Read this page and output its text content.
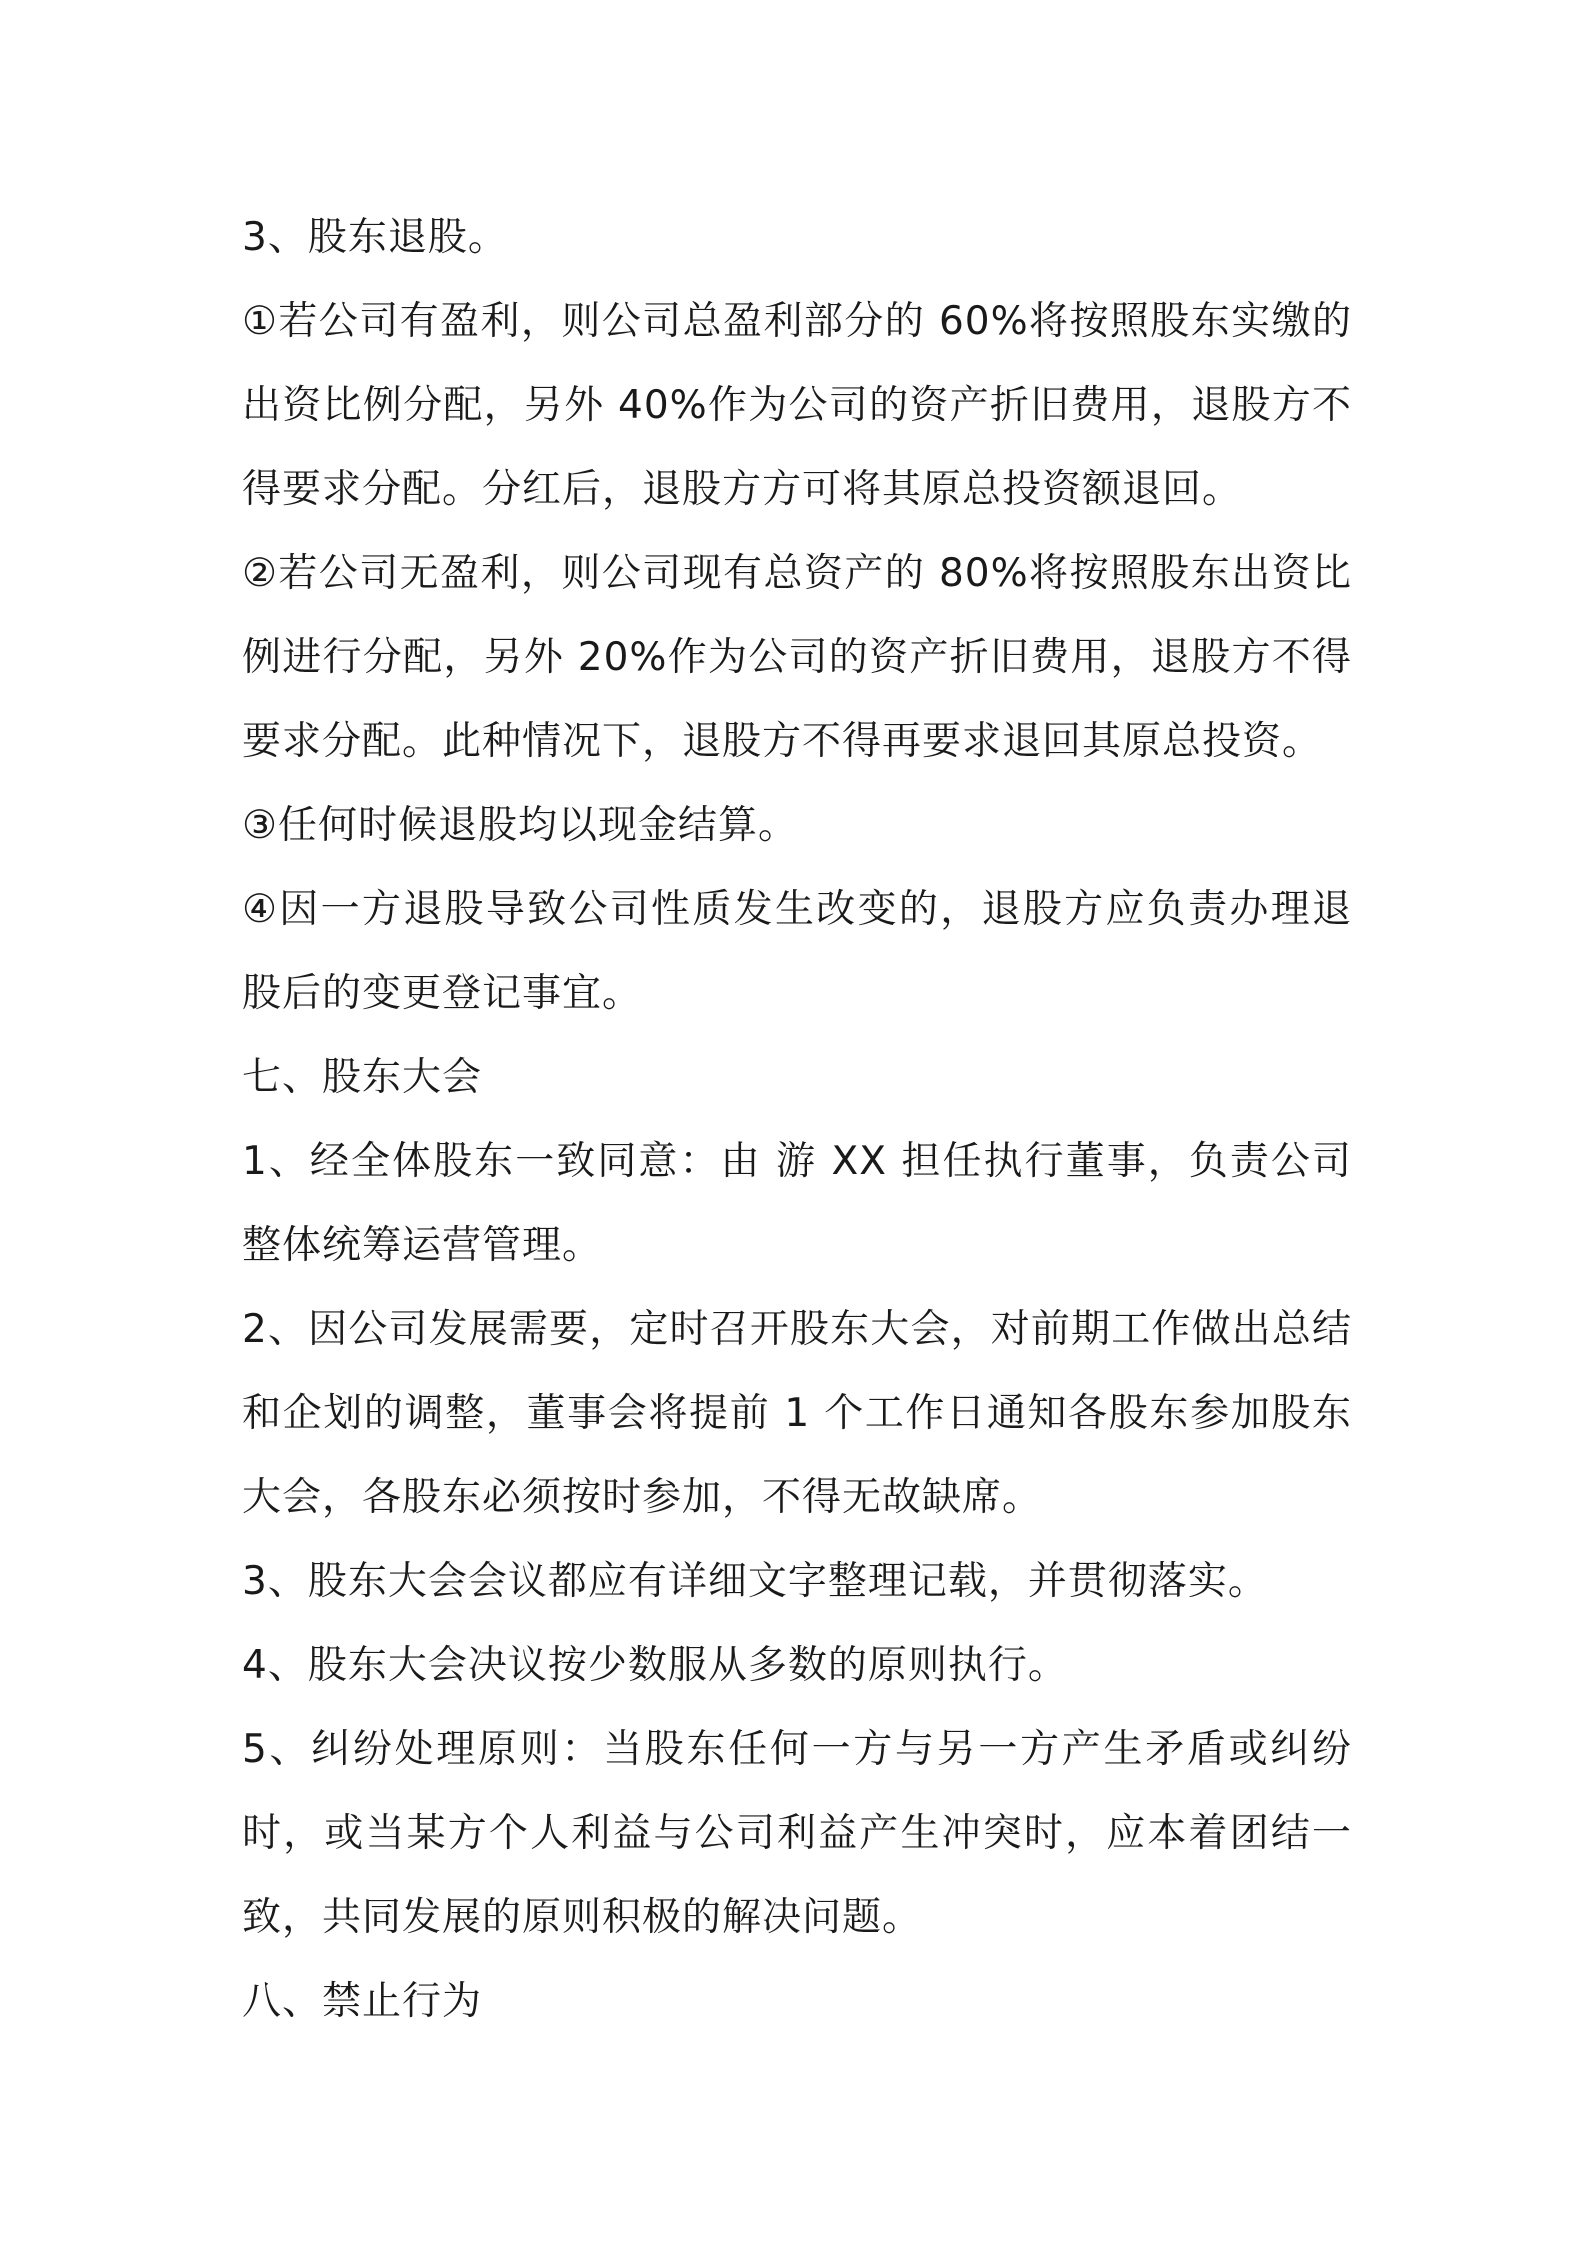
3、股东退股。

①若公司有盈利，则公司总盈利部分的 60%将按照股东实缴的出资比例分配，另外 40%作为公司的资产折旧费用，退股方不得要求分配。分红后，退股方方可将其原总投资额退回。

②若公司无盈利，则公司现有总资产的 80%将按照股东出资比例进行分配，另外 20%作为公司的资产折旧费用，退股方不得要求分配。此种情况下，退股方不得再要求退回其原总投资。

③任何时候退股均以现金结算。

④因一方退股导致公司性质发生改变的，退股方应负责办理退股后的变更登记事宜。

七、股东大会

1、经全体股东一致同意：由 游 XX 担任执行董事，负责公司整体统筹运营管理。

2、因公司发展需要，定时召开股东大会，对前期工作做出总结和企划的调整，董事会将提前 1 个工作日通知各股东参加股东大会，各股东必须按时参加，不得无故缺席。

3、股东大会会议都应有详细文字整理记载，并贯彻落实。

4、股东大会决议按少数服从多数的原则执行。

5、纠纷处理原则：当股东任何一方与另一方产生矛盾或纠纷时，或当某方个人利益与公司利益产生冲突时，应本着团结一致，共同发展的原则积极的解决问题。

八、禁止行为
